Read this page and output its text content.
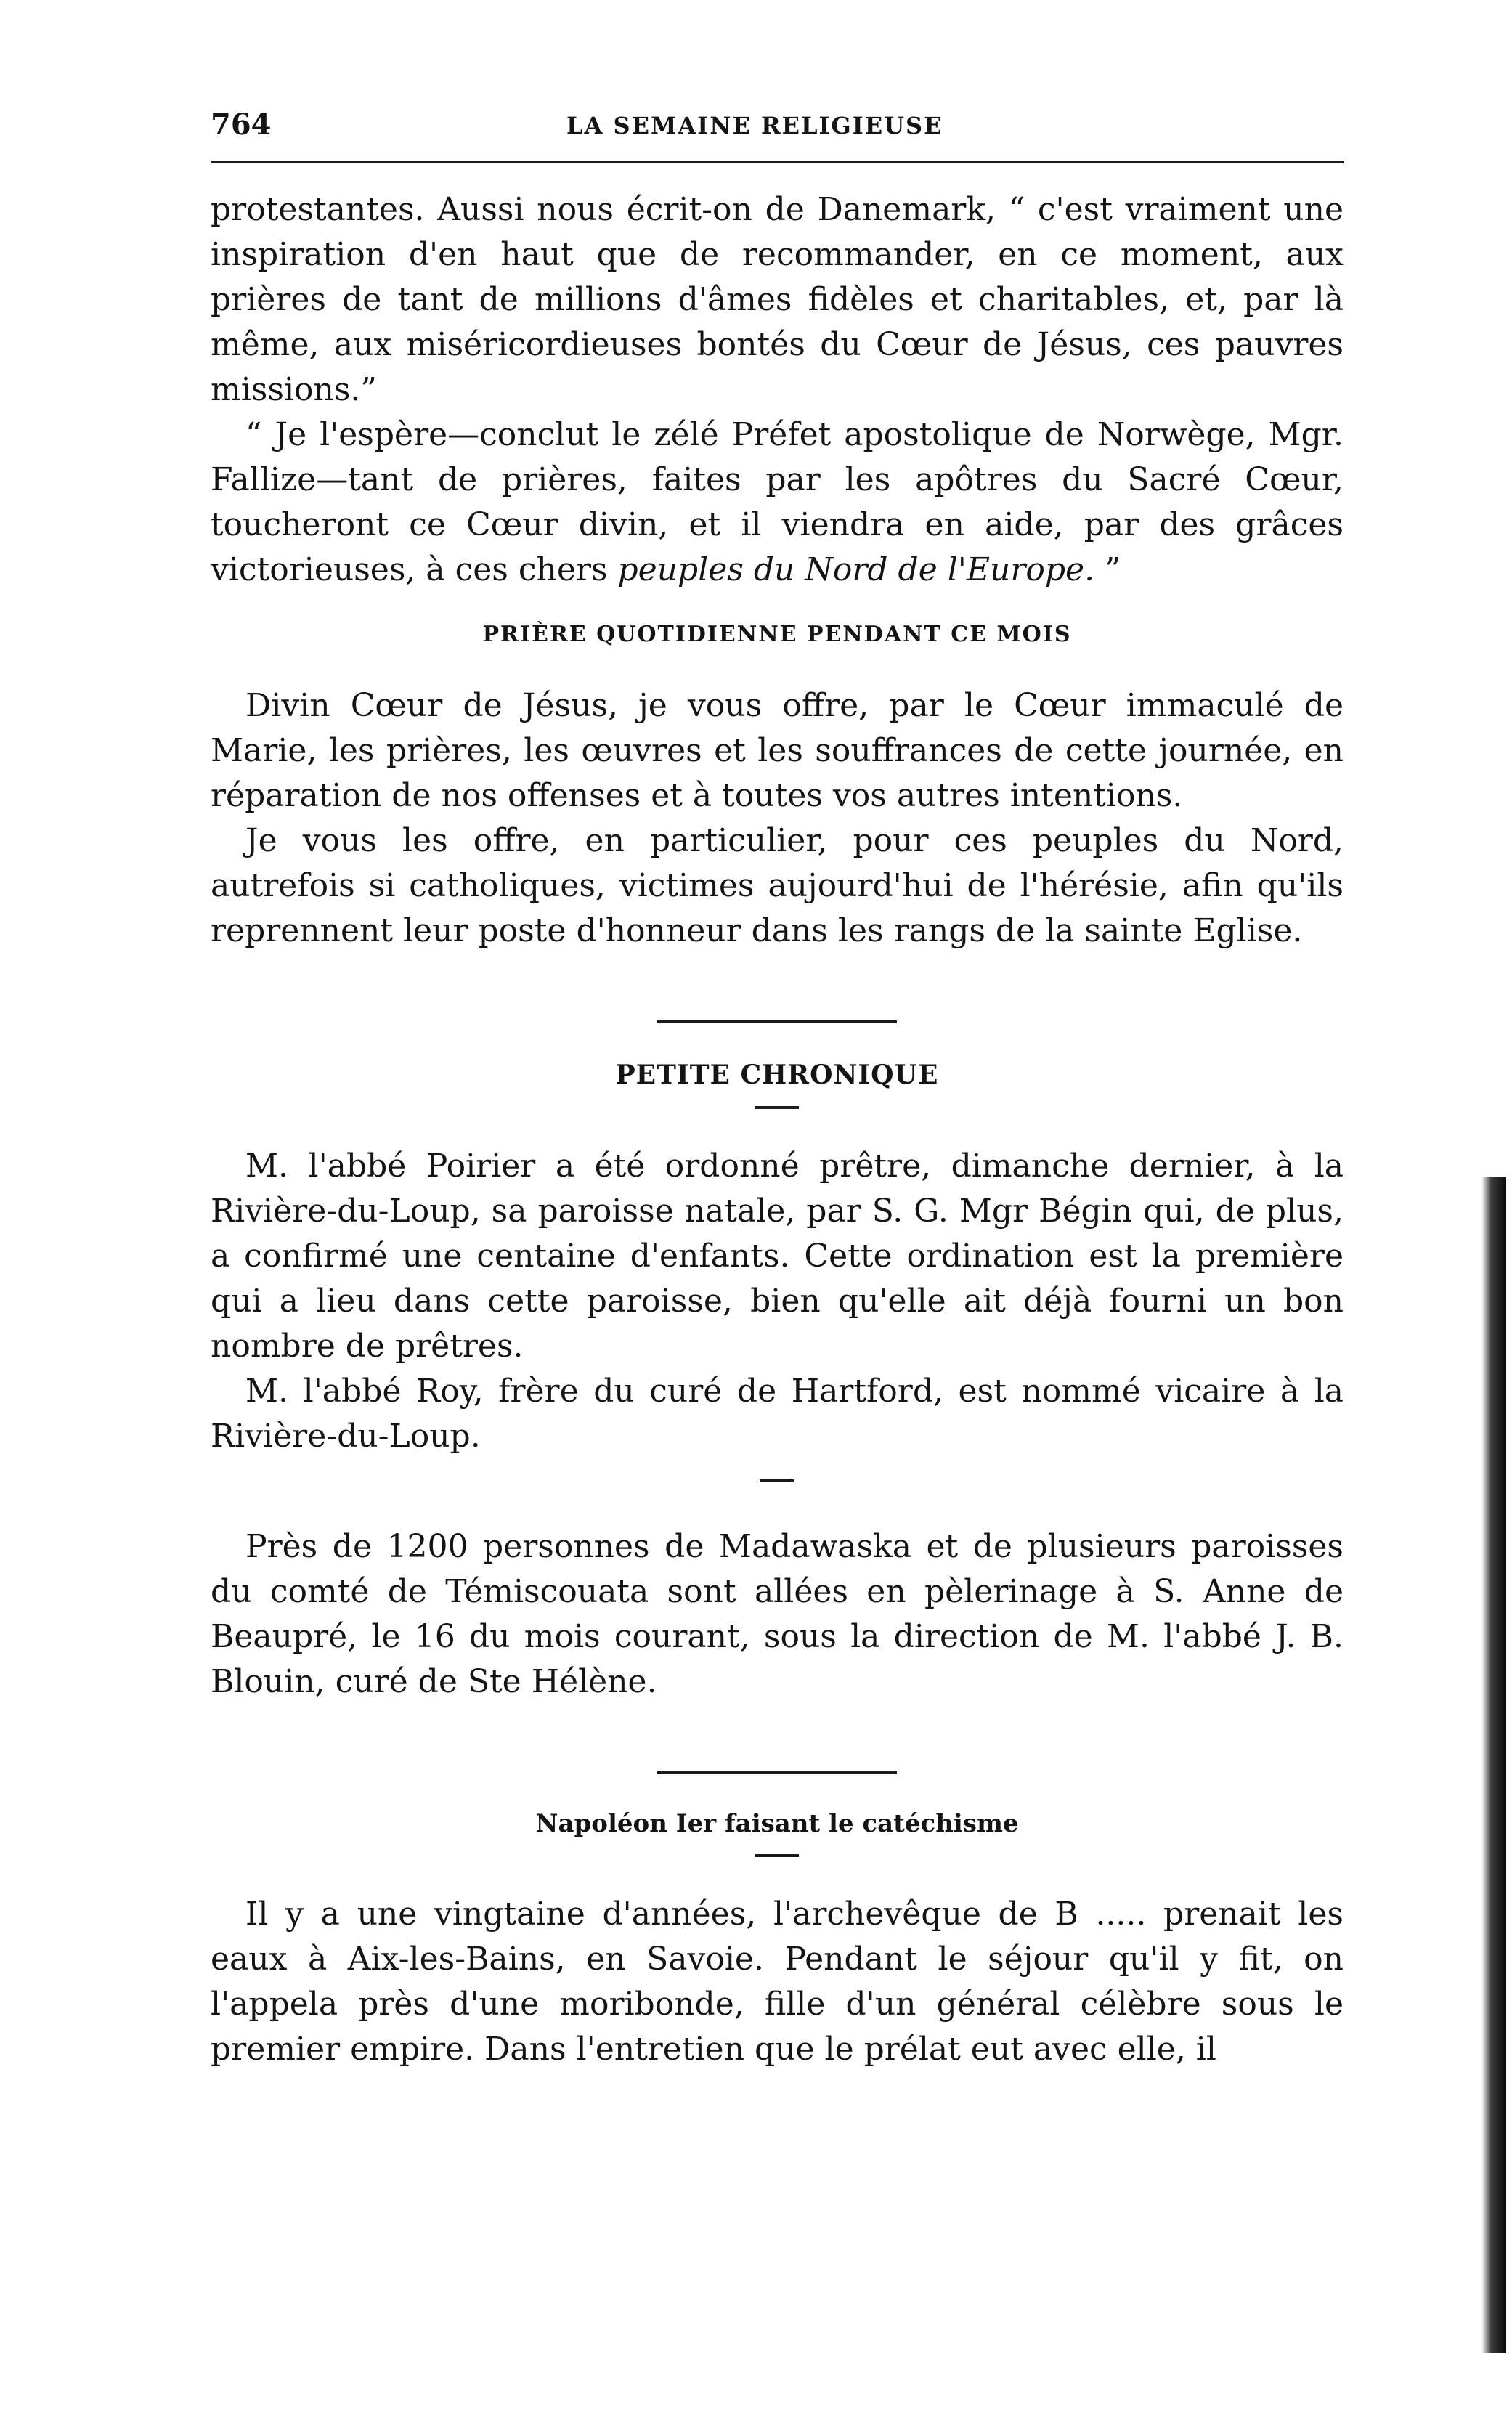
764	LA SEMAINE RELIGIEUSE

protestantes. Aussi nous écrit-on de Danemark, “ c'est vraiment une inspiration d'en haut que de recommander, en ce moment, aux prières de tant de millions d'âmes fidèles et charitables, et, par là même, aux miséricordieuses bontés du Cœur de Jésus, ces pauvres missions.”

“ Je l'espère—conclut le zélé Préfet apostolique de Norwège, Mgr. Fallize—tant de prières, faites par les apôtres du Sacré Cœur, toucheront ce Cœur divin, et il viendra en aide, par des grâces victorieuses, à ces chers peuples du Nord de l'Europe. ”

PRIÈRE QUOTIDIENNE PENDANT CE MOIS

Divin Cœur de Jésus, je vous offre, par le Cœur immaculé de Marie, les prières, les œuvres et les souffrances de cette journée, en réparation de nos offenses et à toutes vos autres intentions.

Je vous les offre, en particulier, pour ces peuples du Nord, autrefois si catholiques, victimes aujourd'hui de l'hérésie, afin qu'ils reprennent leur poste d'honneur dans les rangs de la sainte Eglise.

PETITE CHRONIQUE

M. l'abbé Poirier a été ordonné prêtre, dimanche dernier, à la Rivière-du-Loup, sa paroisse natale, par S. G. Mgr Bégin qui, de plus, a confirmé une centaine d'enfants. Cette ordination est la première qui a lieu dans cette paroisse, bien qu'elle ait déjà fourni un bon nombre de prêtres.

M. l'abbé Roy, frère du curé de Hartford, est nommé vicaire à la Rivière-du-Loup.

Près de 1200 personnes de Madawaska et de plusieurs paroisses du comté de Témiscouata sont allées en pèlerinage à S. Anne de Beaupré, le 16 du mois courant, sous la direction de M. l'abbé J. B. Blouin, curé de Ste Hélène.

Napoléon Ier faisant le catéchisme

Il y a une vingtaine d'années, l'archevêque de B ..... prenait les eaux à Aix-les-Bains, en Savoie. Pendant le séjour qu'il y fit, on l'appela près d'une moribonde, fille d'un général célèbre sous le premier empire. Dans l'entretien que le prélat eut avec elle, il
